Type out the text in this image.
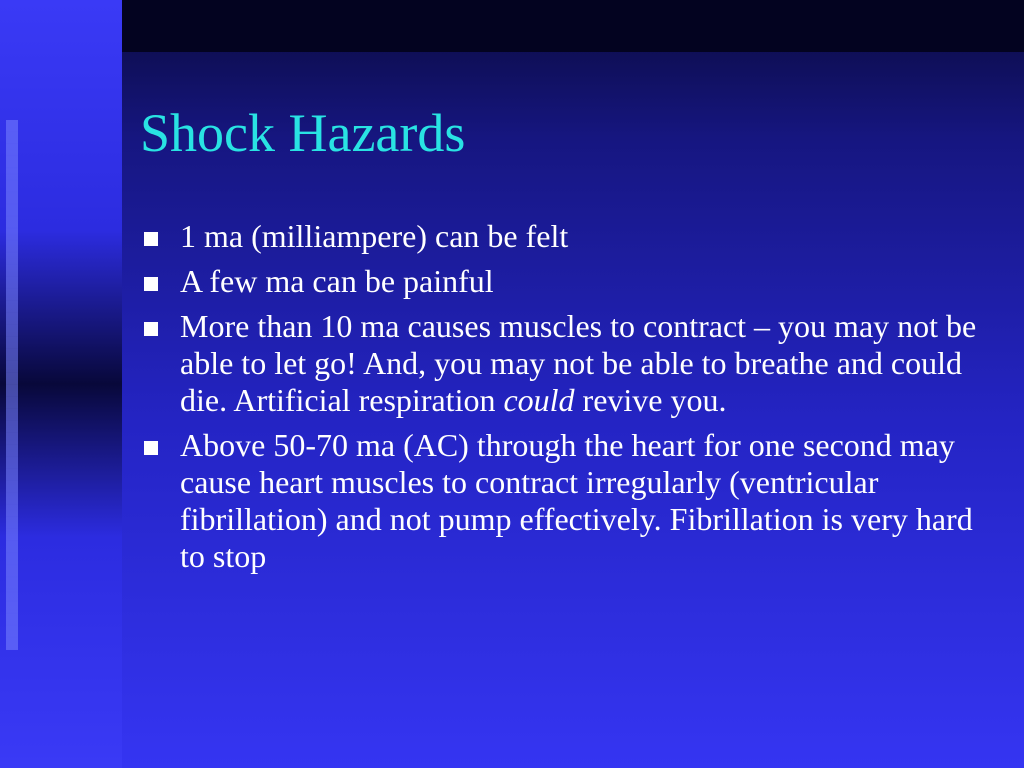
Shock Hazards
1 ma (milliampere) can be felt
A few ma can be painful
More than 10 ma causes muscles to contract – you may not be able to let go! And, you may not be able to breathe and could die. Artificial respiration could revive you.
Above 50-70 ma (AC) through the heart for one second may cause heart muscles to contract irregularly (ventricular fibrillation) and not pump effectively. Fibrillation is very hard to stop
